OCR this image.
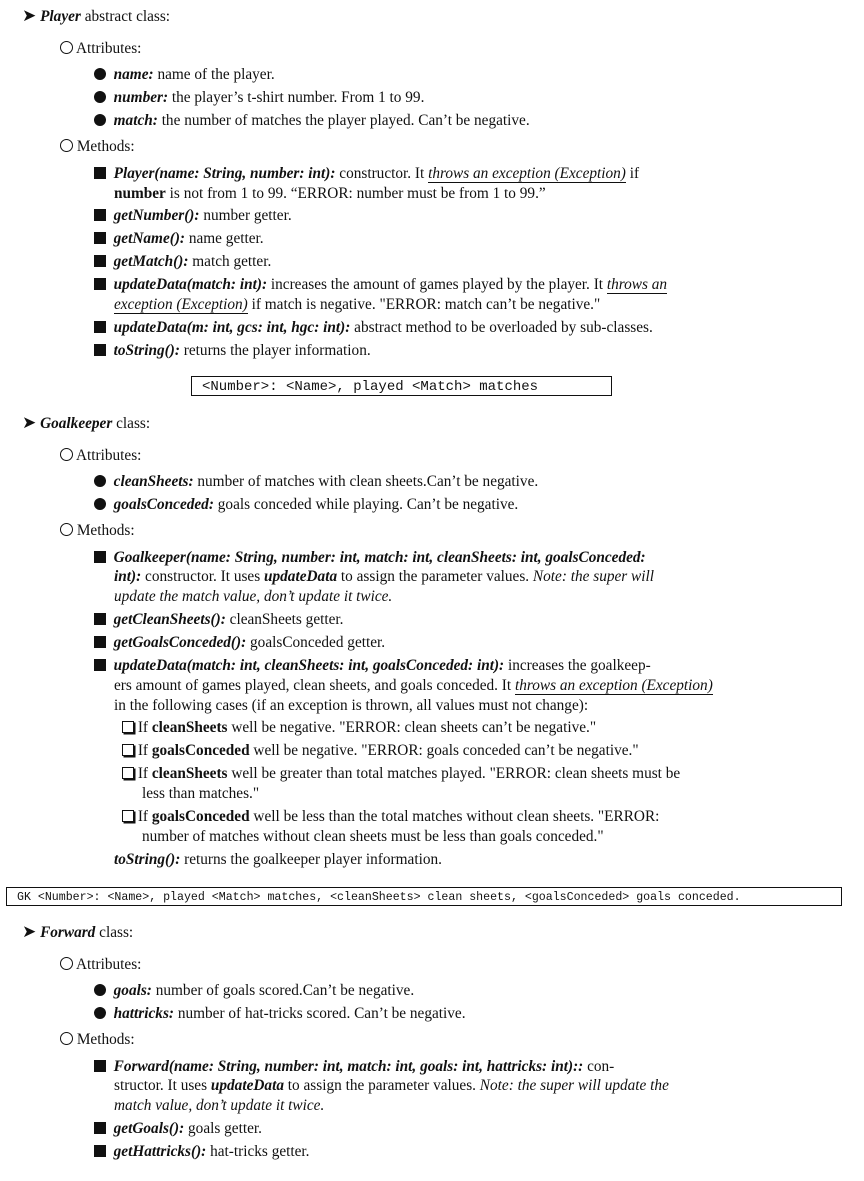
➤ Player abstract class:
Attributes:
name: name of the player.
number: the player’s t-shirt number. From 1 to 99.
match: the number of matches the player played. Can’t be negative.
Methods:
Player(name: String, number: int): constructor. It throws an exception (Exception) if
number is not from 1 to 99. “ERROR: number must be from 1 to 99.”
getNumber(): number getter.
getName(): name getter.
getMatch(): match getter.
updateData(match: int): increases the amount of games played by the player. It throws an
exception (Exception) if match is negative. "ERROR: match can’t be negative."
updateData(m: int, gcs: int, hgc: int): abstract method to be overloaded by sub-classes.
toString(): returns the player information.
<Number>: <Name>, played <Match> matches
➤ Goalkeeper class:
Attributes:
cleanSheets: number of matches with clean sheets.Can’t be negative.
goalsConceded: goals conceded while playing. Can’t be negative.
Methods:
Goalkeeper(name: String, number: int, match: int, cleanSheets: int, goalsConceded:
int): constructor. It uses updateData to assign the parameter values. Note: the super will
update the match value, don’t update it twice.
getCleanSheets(): cleanSheets getter.
getGoalsConceded(): goalsConceded getter.
updateData(match: int, cleanSheets: int, goalsConceded: int): increases the goalkeep-
ers amount of games played, clean sheets, and goals conceded. It throws an exception (Exception)
in the following cases (if an exception is thrown, all values must not change):
If cleanSheets well be negative. "ERROR: clean sheets can’t be negative."
If goalsConceded well be negative. "ERROR: goals conceded can’t be negative."
If cleanSheets well be greater than total matches played. "ERROR: clean sheets must be
less than matches."
If goalsConceded well be less than the total matches without clean sheets. "ERROR:
number of matches without clean sheets must be less than goals conceded."
toString(): returns the goalkeeper player information.
GK <Number>: <Name>, played <Match> matches, <cleanSheets> clean sheets, <goalsConceded> goals conceded.
➤ Forward class:
Attributes:
goals: number of goals scored.Can’t be negative.
hattricks: number of hat-tricks scored. Can’t be negative.
Methods:
Forward(name: String, number: int, match: int, goals: int, hattricks: int):: con-
structor. It uses updateData to assign the parameter values. Note: the super will update the
match value, don’t update it twice.
getGoals(): goals getter.
getHattricks(): hat-tricks getter.
